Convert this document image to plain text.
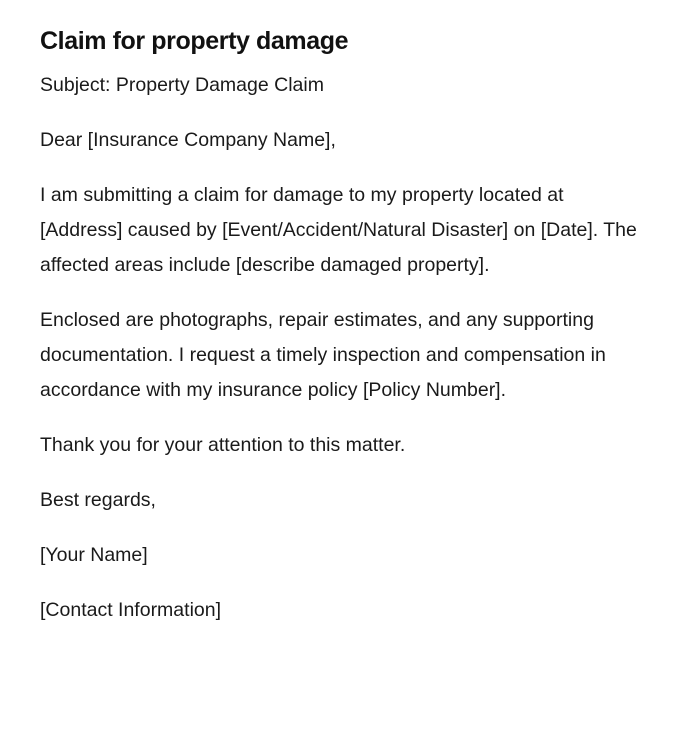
Claim for property damage

Subject: Property Damage Claim

Dear [Insurance Company Name],

I am submitting a claim for damage to my property located at [Address] caused by [Event/Accident/Natural Disaster] on [Date]. The affected areas include [describe damaged property].

Enclosed are photographs, repair estimates, and any supporting documentation. I request a timely inspection and compensation in accordance with my insurance policy [Policy Number].

Thank you for your attention to this matter.

Best regards,

[Your Name]

[Contact Information]
